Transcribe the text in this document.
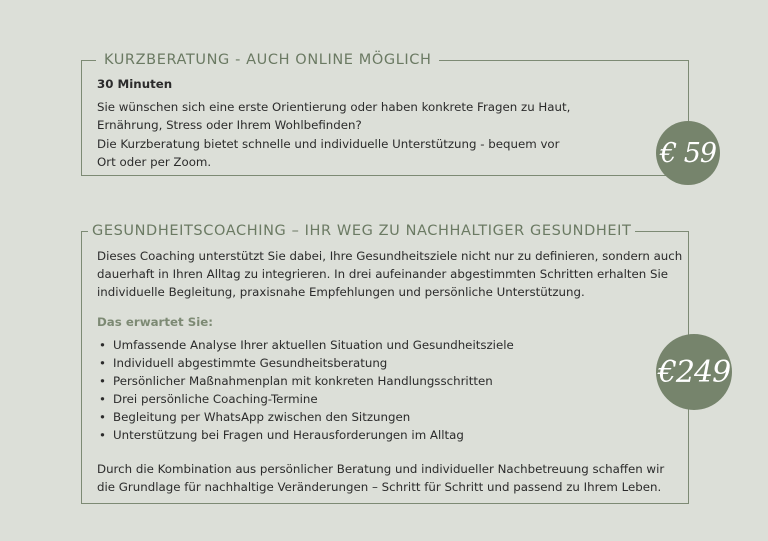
KURZBERATUNG - AUCH ONLINE MÖGLICH

30 Minuten

Sie wünschen sich eine erste Orientierung oder haben konkrete Fragen zu Haut,

Ernährung, Stress oder Ihrem Wohlbefinden?

Die Kurzberatung bietet schnelle und individuelle Unterstützung - bequem vor

Ort oder per Zoom.	€ 59
GESUNDHEITSCOACHING – IHR WEG ZU NACHHALTIGER GESUNDHEIT

Dieses Coaching unterstützt Sie dabei, Ihre Gesundheitsziele nicht nur zu definieren, sondern auch

dauerhaft in Ihren Alltag zu integrieren. In drei aufeinander abgestimmten Schritten erhalten Sie

individuelle Begleitung, praxisnahe Empfehlungen und persönliche Unterstützung.

Das erwartet Sie:

• Umfassende Analyse Ihrer aktuellen Situation und Gesundheitsziele
• Individuell abgestimmte Gesundheitsberatung
• Persönlicher Maßnahmenplan mit konkreten Handlungsschritten
• Drei persönliche Coaching-Termine
• Begleitung per WhatsApp zwischen den Sitzungen
• Unterstützung bei Fragen und Herausforderungen im Alltag

Durch die Kombination aus persönlicher Beratung und individueller Nachbetreuung schaffen wir

die Grundlage für nachhaltige Veränderungen – Schritt für Schritt und passend zu Ihrem Leben.

€249
